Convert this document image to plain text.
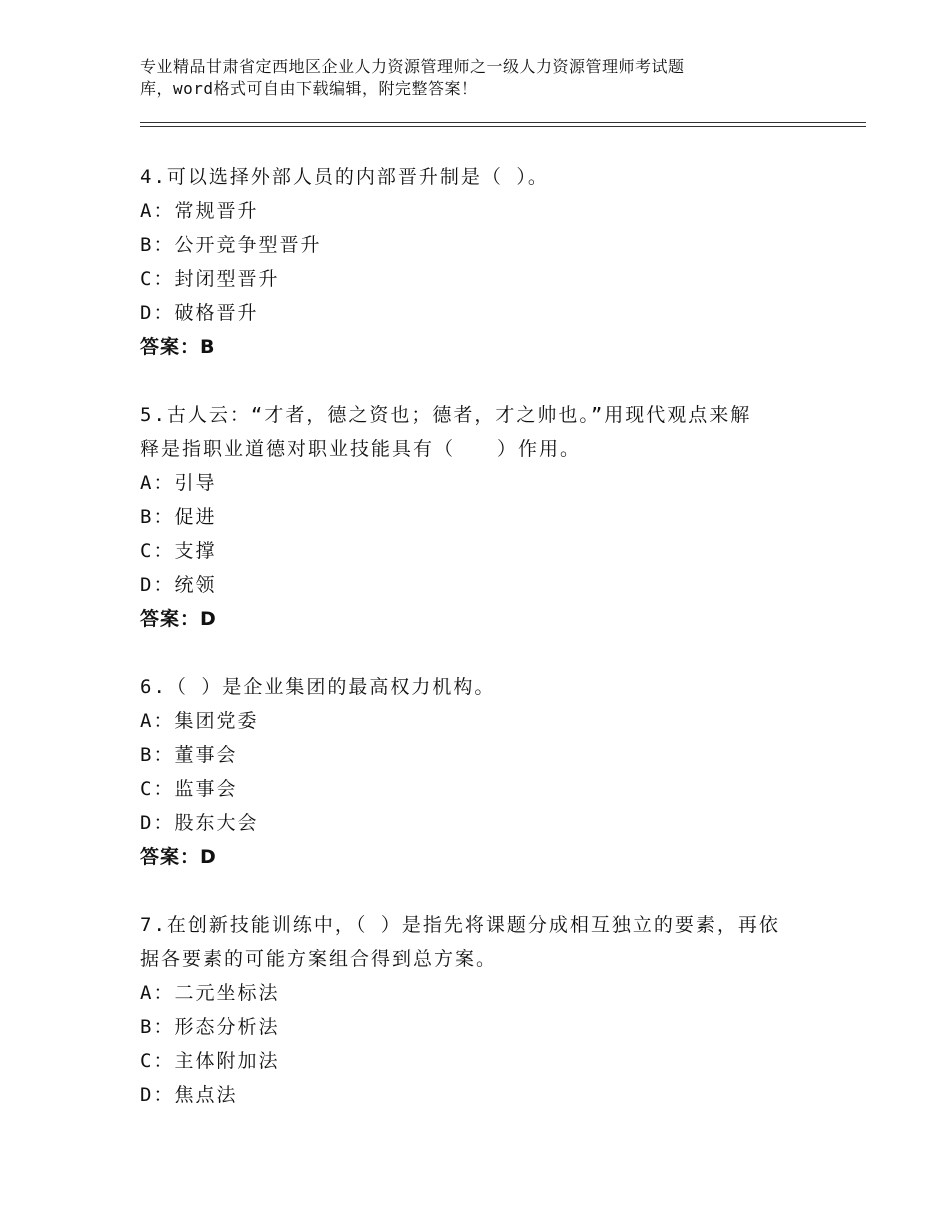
专业精品甘肃省定西地区企业人力资源管理师之一级人力资源管理师考试题

库，word格式可自由下载编辑，附完整答案！

4.可以选择外部人员的内部晋升制是（ ）。

A：常规晋升

B：公开竞争型晋升

C：封闭型晋升

D：破格晋升

答案：B

5.古人云：“才者，德之资也；德者，才之帅也。”用现代观点来解

释是指职业道德对职业技能具有（　　）作用。

A：引导

B：促进

C：支撑

D：统领

答案：D

6.（ ）是企业集团的最高权力机构。

A：集团党委

B：董事会

C：监事会

D：股东大会

答案：D

7.在创新技能训练中，（ ）是指先将课题分成相互独立的要素，再依

据各要素的可能方案组合得到总方案。

A：二元坐标法

B：形态分析法

C：主体附加法

D：焦点法
